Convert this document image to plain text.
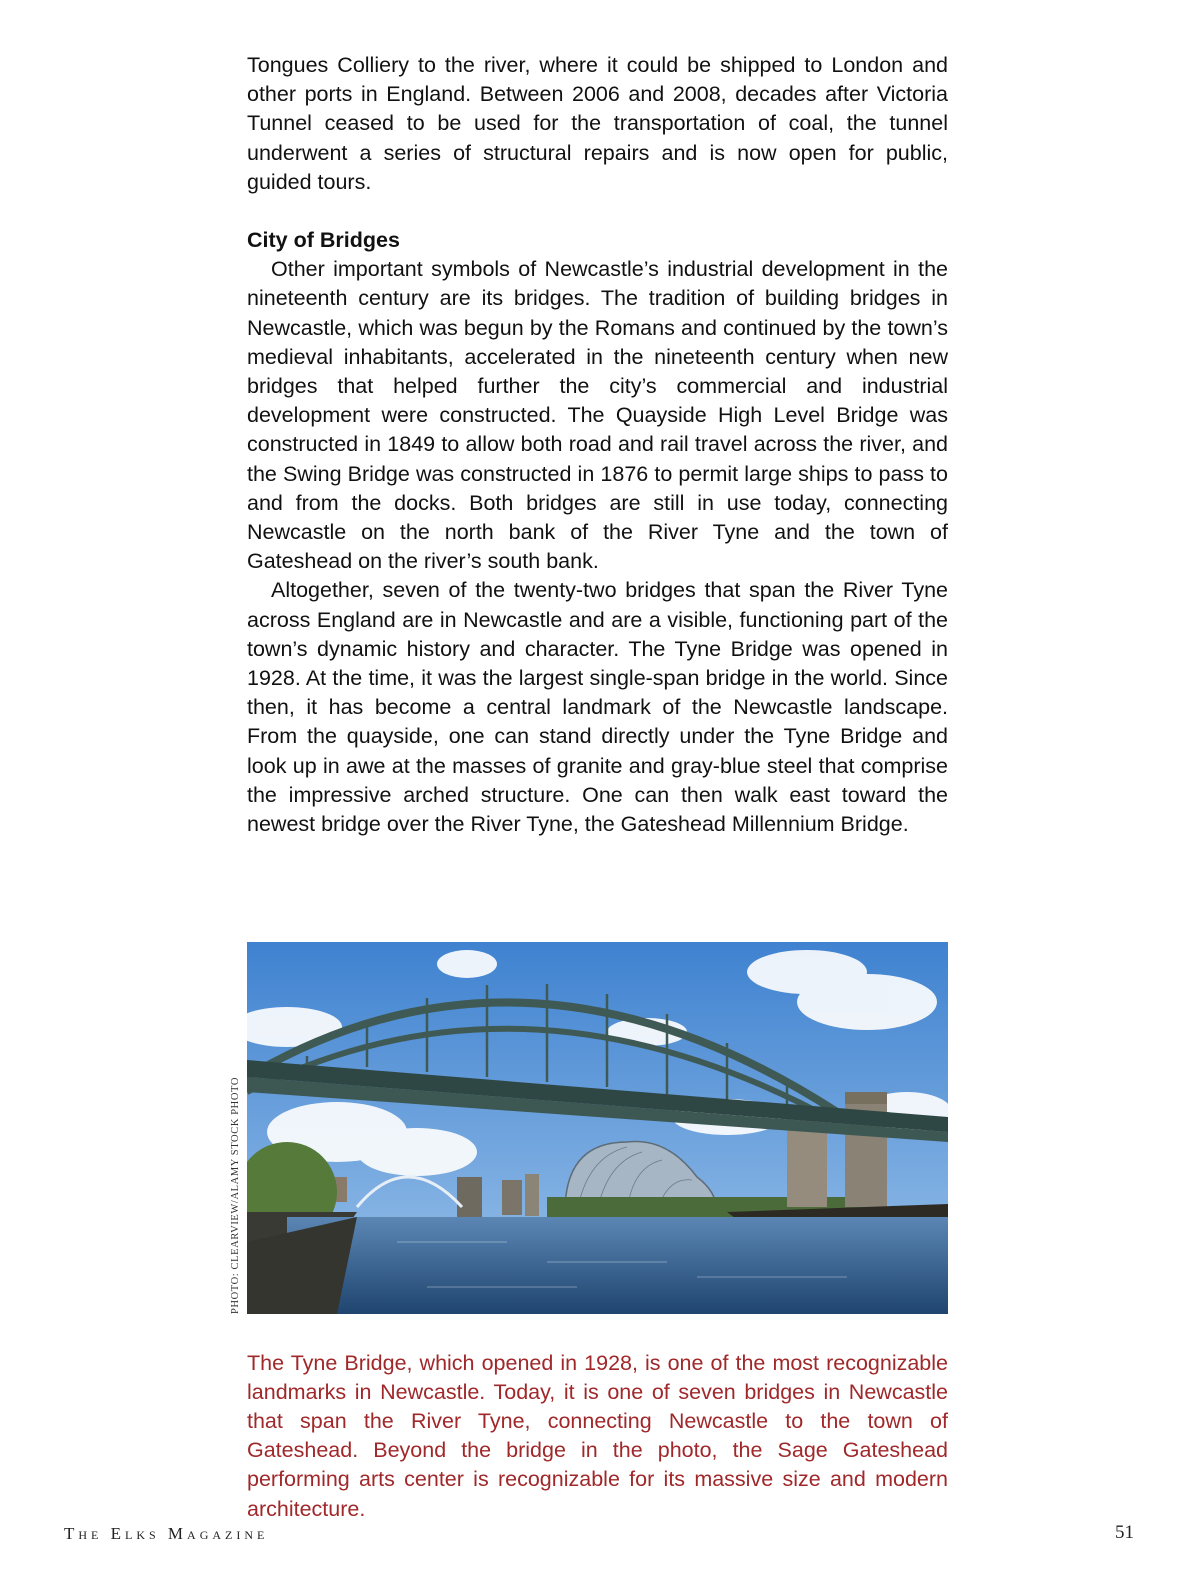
Tongues Colliery to the river, where it could be shipped to London and other ports in England. Between 2006 and 2008, decades after Victoria Tunnel ceased to be used for the transportation of coal, the tunnel underwent a series of structural repairs and is now open for public, guided tours.

City of Bridges

Other important symbols of Newcastle’s industrial development in the nineteenth century are its bridges. The tradition of building bridges in Newcastle, which was begun by the Romans and continued by the town’s medieval inhabitants, accelerated in the nineteenth century when new bridges that helped further the city’s commercial and industrial development were constructed. The Quayside High Level Bridge was constructed in 1849 to allow both road and rail travel across the river, and the Swing Bridge was constructed in 1876 to permit large ships to pass to and from the docks. Both bridges are still in use today, connecting Newcastle on the north bank of the River Tyne and the town of Gateshead on the river’s south bank.

Altogether, seven of the twenty-two bridges that span the River Tyne across England are in Newcastle and are a visible, functioning part of the town’s dynamic history and character. The Tyne Bridge was opened in 1928. At the time, it was the largest single-span bridge in the world. Since then, it has become a central landmark of the Newcastle landscape. From the quayside, one can stand directly under the Tyne Bridge and look up in awe at the masses of granite and gray-blue steel that comprise the impressive arched structure. One can then walk east toward the newest bridge over the River Tyne, the Gateshead Millennium Bridge.

PHOTO: CLEARVIEW/ALAMY STOCK PHOTO

The Tyne Bridge, which opened in 1928, is one of the most recognizable landmarks in Newcastle. Today, it is one of seven bridges in Newcastle that span the River Tyne, connecting Newcastle to the town of Gateshead. Beyond the bridge in the photo, the Sage Gateshead performing arts center is recognizable for its massive size and modern architecture.

The Elks Magazine	51
